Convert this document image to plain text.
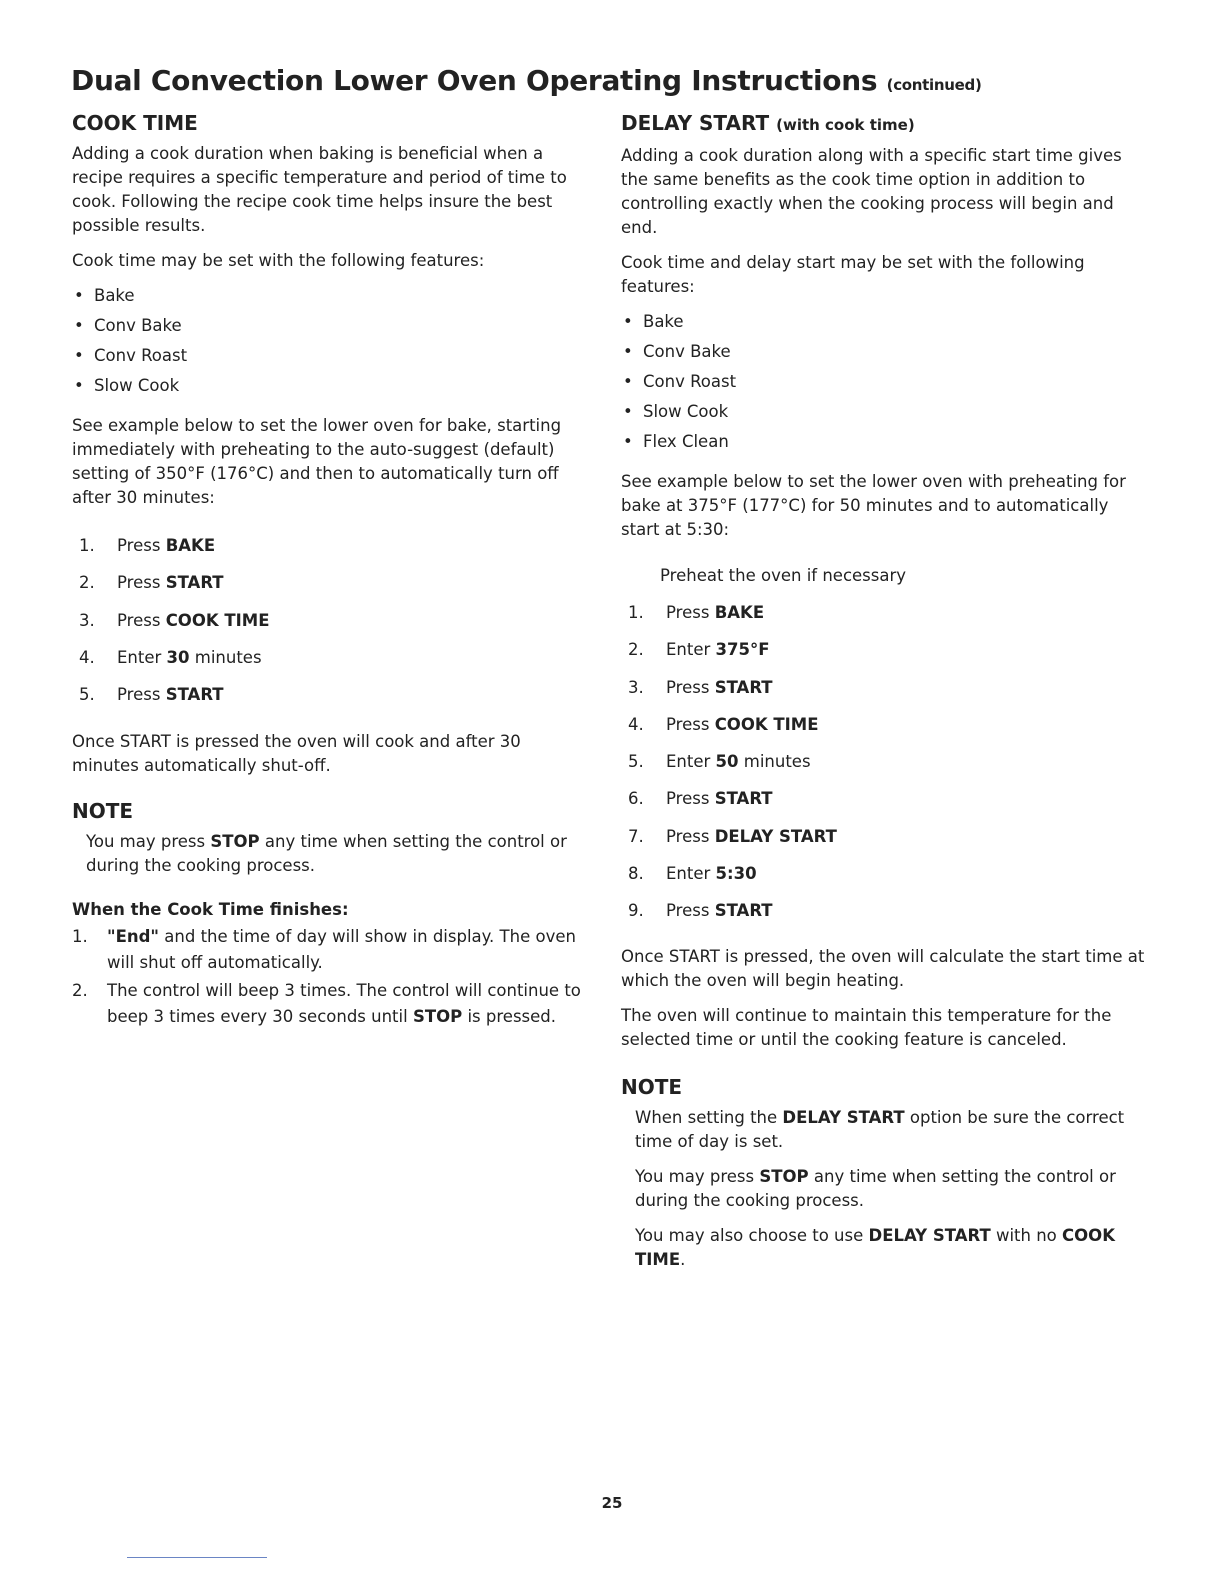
Dual Convection Lower Oven Operating Instructions (continued)
COOK TIME

Adding a cook duration when baking is beneficial when a recipe requires a specific temperature and period of time to cook. Following the recipe cook time helps insure the best possible results.

Cook time may be set with the following features:

• Bake
• Conv Bake
• Conv Roast
• Slow Cook

See example below to set the lower oven for bake, starting immediately with preheating to the auto-suggest (default) setting of 350°F (176°C) and then to automatically turn off after 30 minutes:

1.	Press BAKE
2.	Press START
3.	Press COOK TIME
4.	Enter 30 minutes
5.	Press START

Once START is pressed the oven will cook and after 30 minutes automatically shut-off.

NOTE

You may press STOP any time when setting the control or during the cooking process.

When the Cook Time finishes:
1.	"End" and the time of day will show in display. The oven will shut off automatically.
2.	The control will beep 3 times. The control will continue to beep 3 times every 30 seconds until STOP is pressed.
DELAY START (with cook time)

Adding a cook duration along with a specific start time gives the same benefits as the cook time option in addition to controlling exactly when the cooking process will begin and end.

Cook time and delay start may be set with the following features:

• Bake
• Conv Bake
• Conv Roast
• Slow Cook
• Flex Clean

See example below to set the lower oven with preheating for bake at 375°F (177°C) for 50 minutes and to automatically start at 5:30:

Preheat the oven if necessary
1.	Press BAKE
2.	Enter 375°F
3.	Press START
4.	Press COOK TIME
5.	Enter 50 minutes
6.	Press START
7.	Press DELAY START
8.	Enter 5:30
9.	Press START

Once START is pressed, the oven will calculate the start time at which the oven will begin heating.

The oven will continue to maintain this temperature for the selected time or until the cooking feature is canceled.

NOTE

When setting the DELAY START option be sure the correct time of day is set.

You may press STOP any time when setting the control or during the cooking process.

You may also choose to use DELAY START with no COOK TIME.

25
